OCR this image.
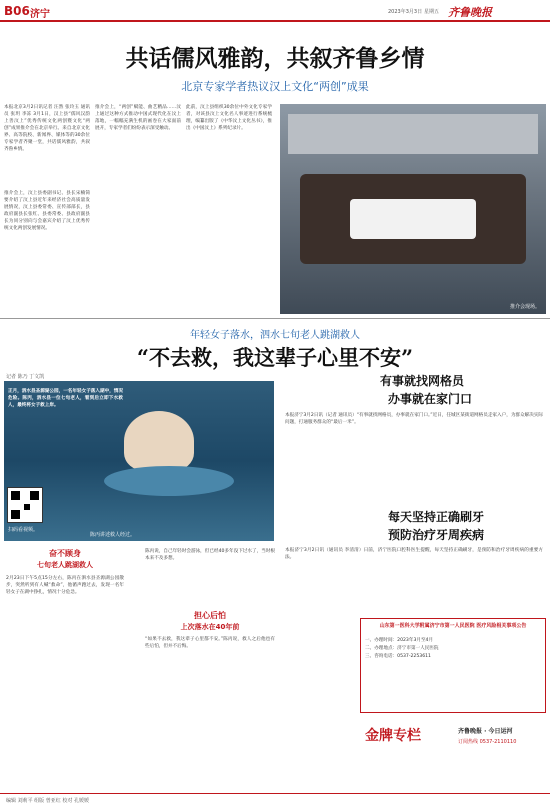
B06 济宁	2023年3月3日 星期五 齐鲁晚报
共话儒风雅韵，共叙齐鲁乡情
北京专家学者热议汉上文化“两创”成果
本报北京3月2日讯记者 汪然 张玲玉 通讯员 张玥 李冻 3月1日，汉上县“儒风汉韵 上善汶上”优秀传统文化两创暨文化“两创”成果推介会在北京举行。来自北京文化界、高等院校、新闻界、媒体等的30余位专家学者齐聚一堂，共话儒风雅韵，共叙齐鲁乡情。
推介会上，汶上县委副书记、县长宋楠简要介绍了汶上县近年来经济社会高质量发展情况，汶上县委常委、宣传部部长，县政府副县长张红、县委常委、县政府副县长为同分别向与会嘉宾介绍了汶上优秀传统文化两创发展情况。
推介会上，“两创”赋能、曲艺精品……汶上通过这种方式推动中国式现代化在汶上落地，一幅幅充满生机的画卷在大家面前展开，专家学者们纷纷表示深受触动。
此前，汶上县组织30余位中外文化专家学者，对该县汶上文化名人事迹进行系统梳理，编纂出版了《中华汶上文化丛书》，推出《中国汶上》系列纪录片。
推介会现场。
年轻女子落水，泗水七旬老人跳湖救人
“不去救，我这辈子心里不安”
记者 陈乃 丁文凯
正月，泗水县圣源湖公园，一名年轻女子落入湖中，情况危险。陈丙，泗水县一位七旬老人，看到后立即下水救人，最终将女子救上岸。
扫码看视频。
陈丙讲述救人经过。
奋不顾身
七旬老人跳湖救人
2月23日下午5点15分左右，陈丙在泗水县圣源湖公园散步，突然听到有人喊“救命”，他循声跑过去，发现一名年轻女子在湖中挣扎，情况十分危急。
陈丙说，自己年轻时会游泳，但已经40多年没下过水了，当时根本来不及多想。
担心后怕
上次落水在40年前
“如果不去救，我这辈子心里都不安。”陈丙说，救人之后他也有些后怕，但并不后悔。
有事就找网格员
办事就在家门口
本报济宁3月2日讯（记者 通讯员）“有事就找网格员，办事就在家门口。”近日，任城区某街道网格员走家入户，为群众解决实际问题，打通服务群众的“最后一米”。
每天坚持正确刷牙
预防治疗牙周疾病
本报济宁3月2日讯（通讯员 李清清）日前，济宁医院口腔科医生提醒，每天坚持正确刷牙，是预防和治疗牙周疾病的重要方法。
山东第一医科大学附属济宁市第一人民医院 医疗风险相关事项公告
一、办理时间：2023年3月至4月
二、办理地点：济宁市第一人民医院
三、咨询电话：0537-2253611
金牌专栏	齐鲁晚报 · 今日运河
订阅热线 0537-2110110
编辑 刘莉平 组版 曾亚红 校对 孔媛媛
